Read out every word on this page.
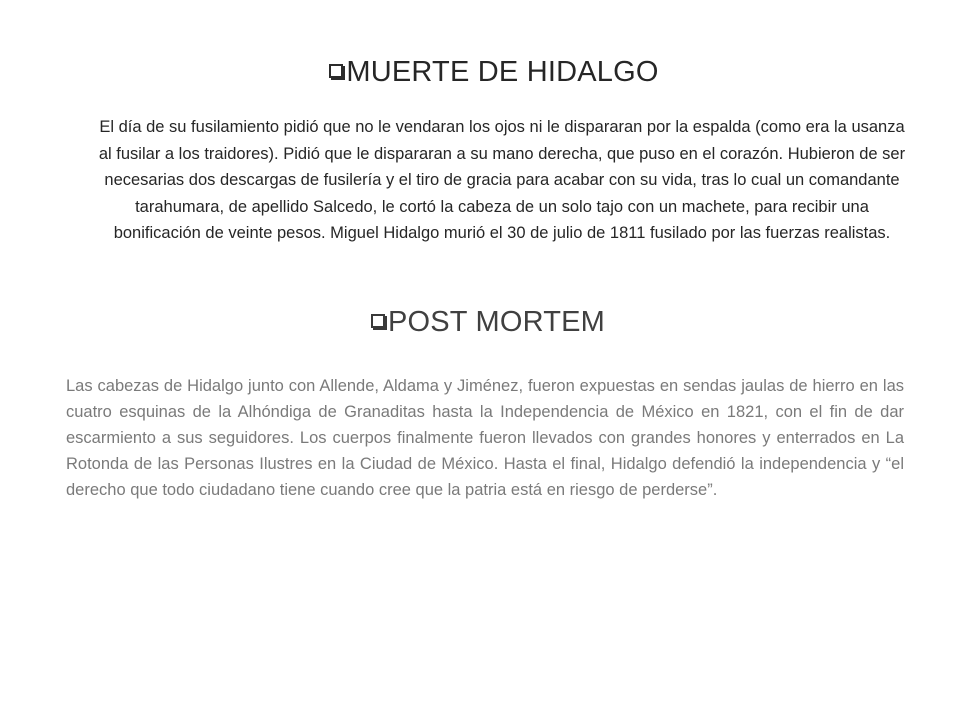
MUERTE DE HIDALGO
El día de su fusilamiento pidió que no le vendaran los ojos ni le dispararan por la espalda (como era la usanza al fusilar a los traidores). Pidió que le dispararan a su mano derecha, que puso en el corazón. Hubieron de ser necesarias dos descargas de fusilería y el tiro de gracia para acabar con su vida, tras lo cual un comandante tarahumara, de apellido Salcedo, le cortó la cabeza de un solo tajo con un machete, para recibir una bonificación de veinte pesos. Miguel Hidalgo murió el 30 de julio de 1811 fusilado por las fuerzas realistas.
POST MORTEM
Las cabezas de Hidalgo junto con Allende, Aldama y Jiménez, fueron expuestas en sendas jaulas de hierro en las cuatro esquinas de la Alhóndiga de Granaditas hasta la Independencia de México en 1821, con el fin de dar escarmiento a sus seguidores. Los cuerpos finalmente fueron llevados con grandes honores y enterrados en La Rotonda de las Personas Ilustres en la Ciudad de México. Hasta el final, Hidalgo defendió la independencia y “el derecho que todo ciudadano tiene cuando cree que la patria está en riesgo de perderse”.
